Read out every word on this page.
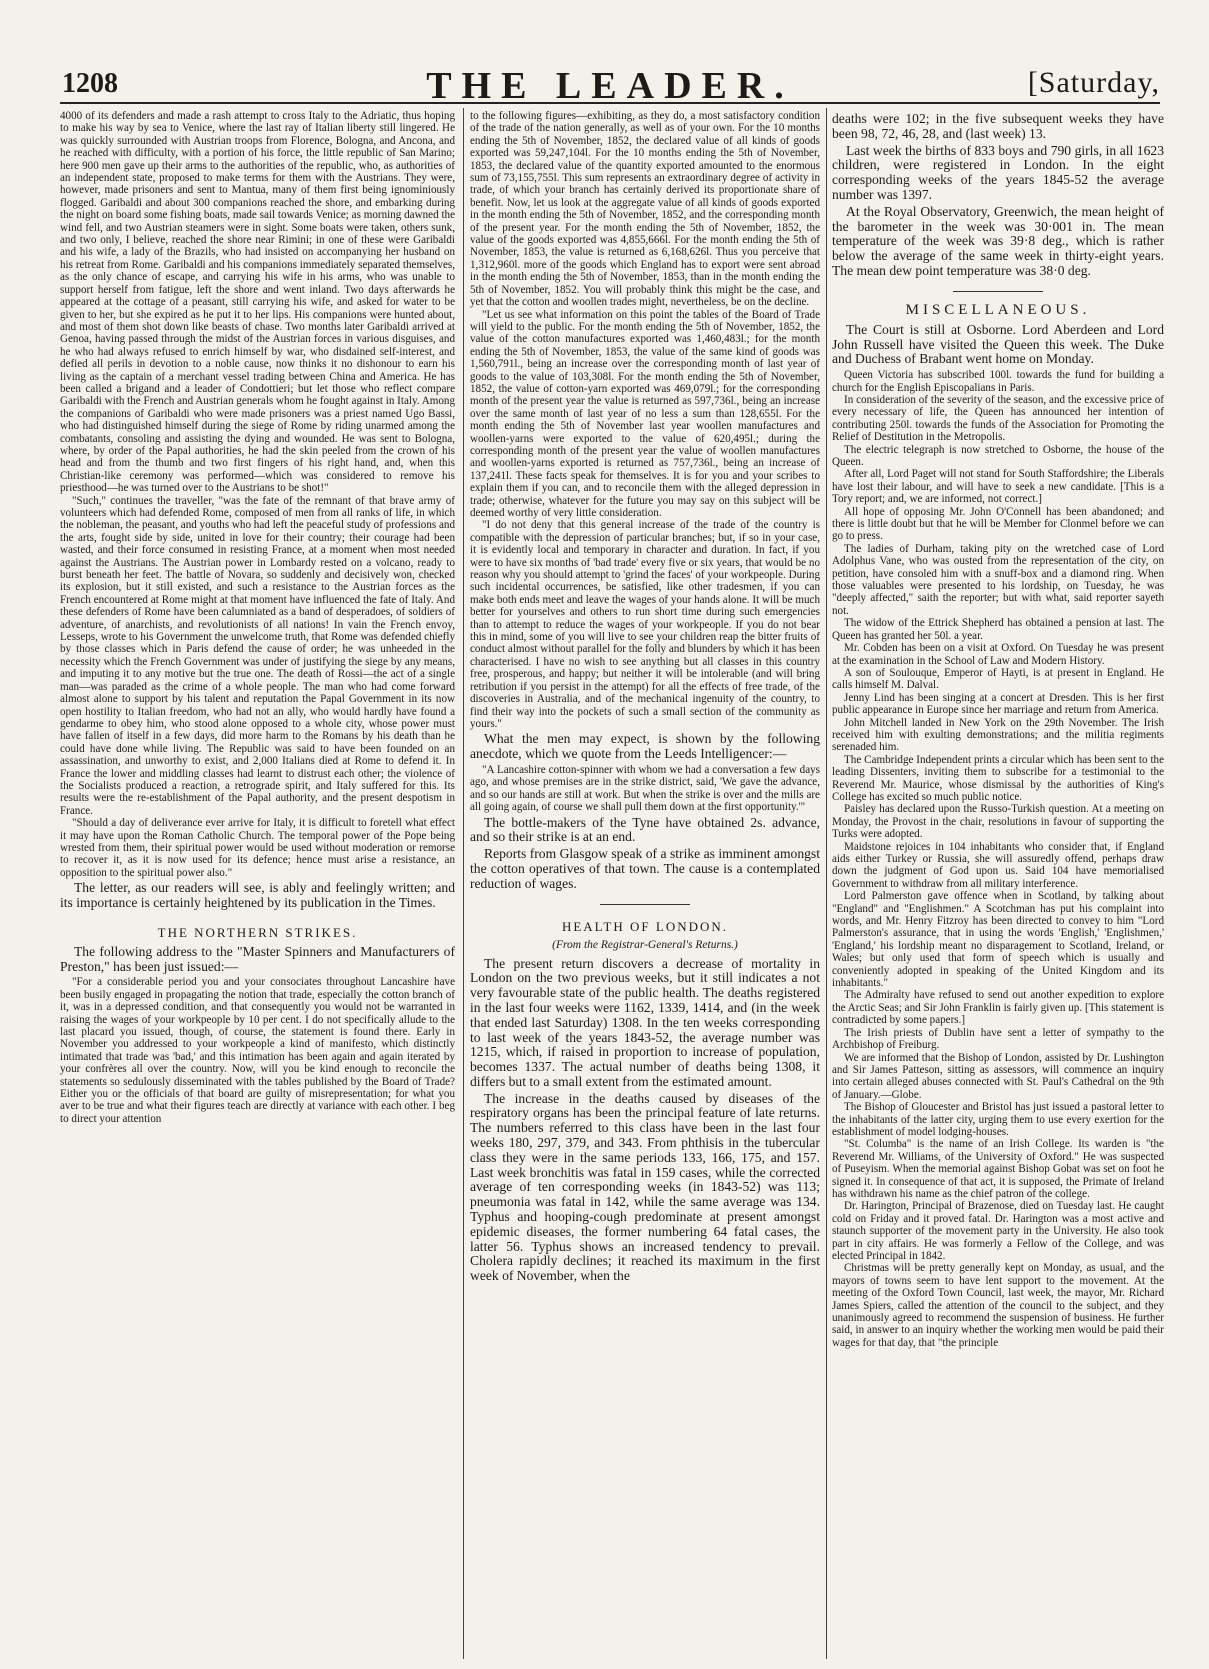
1208	THE LEADER.	[Saturday,

4000 of its defenders and made a rash attempt to cross Italy to the Adriatic, thus hoping to make his way by sea to Venice, where the last ray of Italian liberty still lingered. He was quickly surrounded with Austrian troops from Florence, Bologna, and Ancona, and he reached with difficulty, with a portion of his force, the little republic of San Marino; here 900 men gave up their arms to the authorities of the republic, who, as authorities of an independent state, proposed to make terms for them with the Austrians. They were, however, made prisoners and sent to Mantua, many of them first being ignominiously flogged. Garibaldi and about 300 companions reached the shore, and embarking during the night on board some fishing boats, made sail towards Venice; as morning dawned the wind fell, and two Austrian steamers were in sight. Some boats were taken, others sunk, and two only, I believe, reached the shore near Rimini; in one of these were Garibaldi and his wife, a lady of the Brazils, who had insisted on accompanying her husband on his retreat from Rome. Garibaldi and his companions immediately separated themselves, as the only chance of escape, and carrying his wife in his arms, who was unable to support herself from fatigue, left the shore and went inland. Two days afterwards he appeared at the cottage of a peasant, still carrying his wife, and asked for water to be given to her, but she expired as he put it to her lips. His companions were hunted about, and most of them shot down like beasts of chase. Two months later Garibaldi arrived at Genoa, having passed through the midst of the Austrian forces in various disguises, and he who had always refused to enrich himself by war, who disdained self-interest, and defied all perils in devotion to a noble cause, now thinks it no dishonour to earn his living as the captain of a merchant vessel trading between China and America. He has been called a brigand and a leader of Condottieri; but let those who reflect compare Garibaldi with the French and Austrian generals whom he fought against in Italy. Among the companions of Garibaldi who were made prisoners was a priest named Ugo Bassi, who had distinguished himself during the siege of Rome by riding unarmed among the combatants, consoling and assisting the dying and wounded. He was sent to Bologna, where, by order of the Papal authorities, he had the skin peeled from the crown of his head and from the thumb and two first fingers of his right hand, and, when this Christian-like ceremony was performed—which was considered to remove his priesthood—he was turned over to the Austrians to be shot!"

"Such," continues the traveller, "was the fate of the remnant of that brave army of volunteers which had defended Rome, composed of men from all ranks of life, in which the nobleman, the peasant, and youths who had left the peaceful study of professions and the arts, fought side by side, united in love for their country; their courage had been wasted, and their force consumed in resisting France, at a moment when most needed against the Austrians. The Austrian power in Lombardy rested on a volcano, ready to burst beneath her feet. The battle of Novara, so suddenly and decisively won, checked its explosion, but it still existed, and such a resistance to the Austrian forces as the French encountered at Rome might at that moment have influenced the fate of Italy. And these defenders of Rome have been calumniated as a band of desperadoes, of soldiers of adventure, of anarchists, and revolutionists of all nations! In vain the French envoy, Lesseps, wrote to his Government the unwelcome truth, that Rome was defended chiefly by those classes which in Paris defend the cause of order; he was unheeded in the necessity which the French Government was under of justifying the siege by any means, and imputing it to any motive but the true one. The death of Rossi—the act of a single man—was paraded as the crime of a whole people. The man who had come forward almost alone to support by his talent and reputation the Papal Government in its now open hostility to Italian freedom, who had not an ally, who would hardly have found a gendarme to obey him, who stood alone opposed to a whole city, whose power must have fallen of itself in a few days, did more harm to the Romans by his death than he could have done while living. The Republic was said to have been founded on an assassination, and unworthy to exist, and 2,000 Italians died at Rome to defend it. In France the lower and middling classes had learnt to distrust each other; the violence of the Socialists produced a reaction, a retrograde spirit, and Italy suffered for this. Its results were the re-establishment of the Papal authority, and the present despotism in France.

"Should a day of deliverance ever arrive for Italy, it is difficult to foretell what effect it may have upon the Roman Catholic Church. The temporal power of the Pope being wrested from them, their spiritual power would be used without moderation or remorse to recover it, as it is now used for its defence; hence must arise a resistance, an opposition to the spiritual power also."

The letter, as our readers will see, is ably and feelingly written; and its importance is certainly heightened by its publication in the Times.

THE NORTHERN STRIKES.

The following address to the "Master Spinners and Manufacturers of Preston," has been just issued:—

"For a considerable period you and your consociates throughout Lancashire have been busily engaged in propagating the notion that trade, especially the cotton branch of it, was in a depressed condition, and that consequently you would not be warranted in raising the wages of your workpeople by 10 per cent. I do not specifically allude to the last placard you issued, though, of course, the statement is found there. Early in November you addressed to your workpeople a kind of manifesto, which distinctly intimated that trade was 'bad,' and this intimation has been again and again iterated by your confrères all over the country. Now, will you be kind enough to reconcile the statements so sedulously disseminated with the tables published by the Board of Trade? Either you or the officials of that board are guilty of misrepresentation; for what you aver to be true and what their figures teach are directly at variance with each other. I beg to direct your attention

to the following figures—exhibiting, as they do, a most satisfactory condition of the trade of the nation generally, as well as of your own. For the 10 months ending the 5th of November, 1852, the declared value of all kinds of goods exported was 59,247,104l. For the 10 months ending the 5th of November, 1853, the declared value of the quantity exported amounted to the enormous sum of 73,155,755l. This sum represents an extraordinary degree of activity in trade, of which your branch has certainly derived its proportionate share of benefit. Now, let us look at the aggregate value of all kinds of goods exported in the month ending the 5th of November, 1852, and the corresponding month of the present year. For the month ending the 5th of November, 1852, the value of the goods exported was 4,855,666l. For the month ending the 5th of November, 1853, the value is returned as 6,168,626l. Thus you perceive that 1,312,960l. more of the goods which England has to export were sent abroad in the month ending the 5th of November, 1853, than in the month ending the 5th of November, 1852. You will probably think this might be the case, and yet that the cotton and woollen trades might, nevertheless, be on the decline.

"Let us see what information on this point the tables of the Board of Trade will yield to the public. For the month ending the 5th of November, 1852, the value of the cotton manufactures exported was 1,460,483l.; for the month ending the 5th of November, 1853, the value of the same kind of goods was 1,560,791l., being an increase over the corresponding month of last year of goods to the value of 103,308l. For the month ending the 5th of November, 1852, the value of cotton-yarn exported was 469,079l.; for the corresponding month of the present year the value is returned as 597,736l., being an increase over the same month of last year of no less a sum than 128,655l. For the month ending the 5th of November last year woollen manufactures and woollen-yarns were exported to the value of 620,495l.; during the corresponding month of the present year the value of woollen manufactures and woollen-yarns exported is returned as 757,736l., being an increase of 137,241l. These facts speak for themselves. It is for you and your scribes to explain them if you can, and to reconcile them with the alleged depression in trade; otherwise, whatever for the future you may say on this subject will be deemed worthy of very little consideration.

"I do not deny that this general increase of the trade of the country is compatible with the depression of particular branches; but, if so in your case, it is evidently local and temporary in character and duration. In fact, if you were to have six months of 'bad trade' every five or six years, that would be no reason why you should attempt to 'grind the faces' of your workpeople. During such incidental occurrences, be satisfied, like other tradesmen, if you can make both ends meet and leave the wages of your hands alone. It will be much better for yourselves and others to run short time during such emergencies than to attempt to reduce the wages of your workpeople. If you do not bear this in mind, some of you will live to see your children reap the bitter fruits of conduct almost without parallel for the folly and blunders by which it has been characterised. I have no wish to see anything but all classes in this country free, prosperous, and happy; but neither it will be intolerable (and will bring retribution if you persist in the attempt) for all the effects of free trade, of the discoveries in Australia, and of the mechanical ingenuity of the country, to find their way into the pockets of such a small section of the community as yours."

What the men may expect, is shown by the following anecdote, which we quote from the Leeds Intelligencer:—

"A Lancashire cotton-spinner with whom we had a conversation a few days ago, and whose premises are in the strike district, said, 'We gave the advance, and so our hands are still at work. But when the strike is over and the mills are all going again, of course we shall pull them down at the first opportunity.'"

The bottle-makers of the Tyne have obtained 2s. advance, and so their strike is at an end.

Reports from Glasgow speak of a strike as imminent amongst the cotton operatives of that town. The cause is a contemplated reduction of wages.

HEALTH OF LONDON.
(From the Registrar-General's Returns.)

The present return discovers a decrease of mortality in London on the two previous weeks, but it still indicates a not very favourable state of the public health. The deaths registered in the last four weeks were 1162, 1339, 1414, and (in the week that ended last Saturday) 1308. In the ten weeks corresponding to last week of the years 1843-52, the average number was 1215, which, if raised in proportion to increase of population, becomes 1337. The actual number of deaths being 1308, it differs but to a small extent from the estimated amount.

The increase in the deaths caused by diseases of the respiratory organs has been the principal feature of late returns. The numbers referred to this class have been in the last four weeks 180, 297, 379, and 343. From phthisis in the tubercular class they were in the same periods 133, 166, 175, and 157. Last week bronchitis was fatal in 159 cases, while the corrected average of ten corresponding weeks (in 1843-52) was 113; pneumonia was fatal in 142, while the same average was 134. Typhus and hooping-cough predominate at present amongst epidemic diseases, the former numbering 64 fatal cases, the latter 56. Typhus shows an increased tendency to prevail. Cholera rapidly declines; it reached its maximum in the first week of November, when the

deaths were 102; in the five subsequent weeks they have been 98, 72, 46, 28, and (last week) 13.

Last week the births of 833 boys and 790 girls, in all 1623 children, were registered in London. In the eight corresponding weeks of the years 1845-52 the average number was 1397.

At the Royal Observatory, Greenwich, the mean height of the barometer in the week was 30·001 in. The mean temperature of the week was 39·8 deg., which is rather below the average of the same week in thirty-eight years. The mean dew point temperature was 38·0 deg.

MISCELLANEOUS.

The Court is still at Osborne. Lord Aberdeen and Lord John Russell have visited the Queen this week. The Duke and Duchess of Brabant went home on Monday.

Queen Victoria has subscribed 100l. towards the fund for building a church for the English Episcopalians in Paris.

In consideration of the severity of the season, and the excessive price of every necessary of life, the Queen has announced her intention of contributing 250l. towards the funds of the Association for Promoting the Relief of Destitution in the Metropolis.

The electric telegraph is now stretched to Osborne, the house of the Queen.

After all, Lord Paget will not stand for South Staffordshire; the Liberals have lost their labour, and will have to seek a new candidate. [This is a Tory report; and, we are informed, not correct.]

All hope of opposing Mr. John O'Connell has been abandoned; and there is little doubt but that he will be Member for Clonmel before we can go to press.

The ladies of Durham, taking pity on the wretched case of Lord Adolphus Vane, who was ousted from the representation of the city, on petition, have consoled him with a snuff-box and a diamond ring. When those valuables were presented to his lordship, on Tuesday, he was "deeply affected," saith the reporter; but with what, said reporter sayeth not.

The widow of the Ettrick Shepherd has obtained a pension at last. The Queen has granted her 50l. a year.

Mr. Cobden has been on a visit at Oxford. On Tuesday he was present at the examination in the School of Law and Modern History.

A son of Soulouque, Emperor of Hayti, is at present in England. He calls himself M. Dalval.

Jenny Lind has been singing at a concert at Dresden. This is her first public appearance in Europe since her marriage and return from America.

John Mitchell landed in New York on the 29th November. The Irish received him with exulting demonstrations; and the militia regiments serenaded him.

The Cambridge Independent prints a circular which has been sent to the leading Dissenters, inviting them to subscribe for a testimonial to the Reverend Mr. Maurice, whose dismissal by the authorities of King's College has excited so much public notice.

Paisley has declared upon the Russo-Turkish question. At a meeting on Monday, the Provost in the chair, resolutions in favour of supporting the Turks were adopted.

Maidstone rejoices in 104 inhabitants who consider that, if England aids either Turkey or Russia, she will assuredly offend, perhaps draw down the judgment of God upon us. Said 104 have memorialised Government to withdraw from all military interference.

Lord Palmerston gave offence when in Scotland, by talking about "England" and "Englishmen." A Scotchman has put his complaint into words, and Mr. Henry Fitzroy has been directed to convey to him "Lord Palmerston's assurance, that in using the words 'English,' 'Englishmen,' 'England,' his lordship meant no disparagement to Scotland, Ireland, or Wales; but only used that form of speech which is usually and conveniently adopted in speaking of the United Kingdom and its inhabitants."

The Admiralty have refused to send out another expedition to explore the Arctic Seas; and Sir John Franklin is fairly given up. [This statement is contradicted by some papers.]

The Irish priests of Dublin have sent a letter of sympathy to the Archbishop of Freiburg.

We are informed that the Bishop of London, assisted by Dr. Lushington and Sir James Patteson, sitting as assessors, will commence an inquiry into certain alleged abuses connected with St. Paul's Cathedral on the 9th of January.—Globe.

The Bishop of Gloucester and Bristol has just issued a pastoral letter to the inhabitants of the latter city, urging them to use every exertion for the establishment of model lodging-houses.

"St. Columba" is the name of an Irish College. Its warden is "the Reverend Mr. Williams, of the University of Oxford." He was suspected of Puseyism. When the memorial against Bishop Gobat was set on foot he signed it. In consequence of that act, it is supposed, the Primate of Ireland has withdrawn his name as the chief patron of the college.

Dr. Harington, Principal of Brazenose, died on Tuesday last. He caught cold on Friday and it proved fatal. Dr. Harington was a most active and staunch supporter of the movement party in the University. He also took part in city affairs. He was formerly a Fellow of the College, and was elected Principal in 1842.

Christmas will be pretty generally kept on Monday, as usual, and the mayors of towns seem to have lent support to the movement. At the meeting of the Oxford Town Council, last week, the mayor, Mr. Richard James Spiers, called the attention of the council to the subject, and they unanimously agreed to recommend the suspension of business. He further said, in answer to an inquiry whether the working men would be paid their wages for that day, that "the principle
